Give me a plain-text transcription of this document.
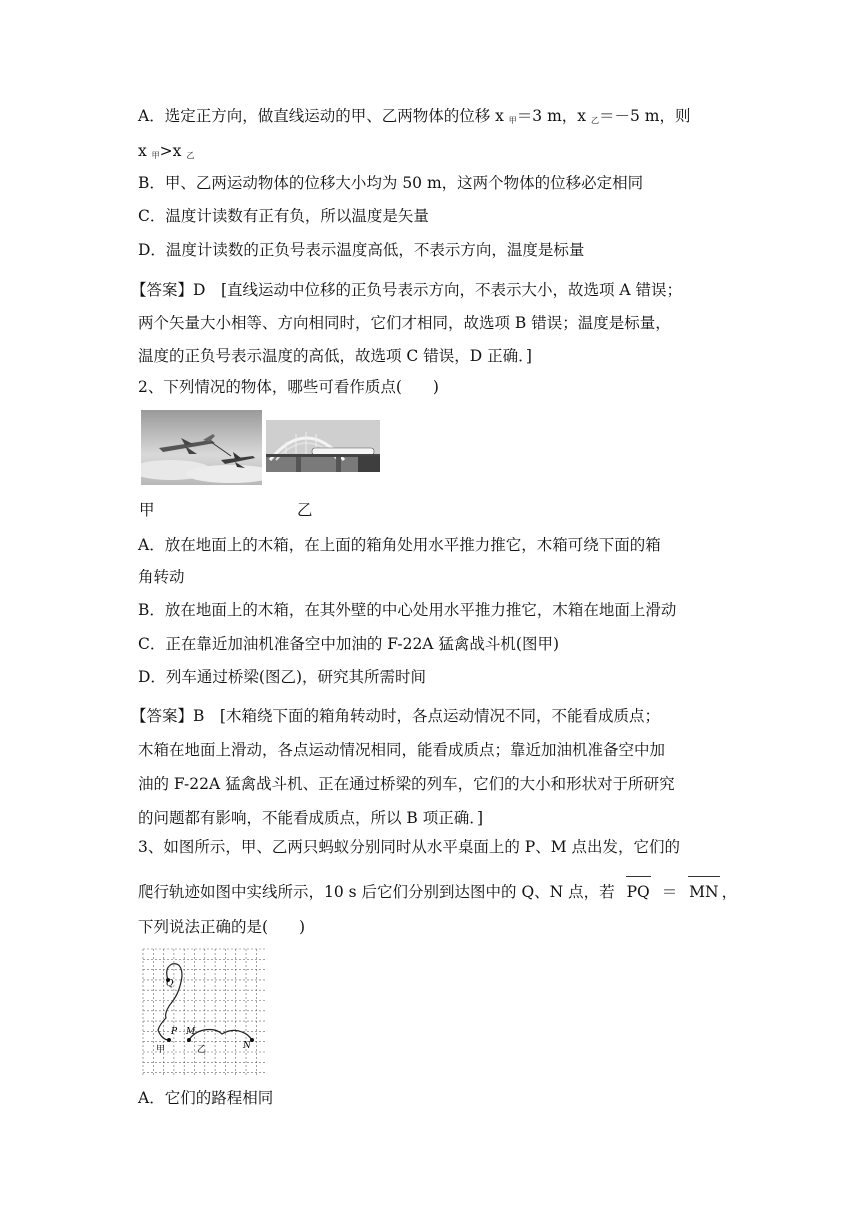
A．选定正方向，做直线运动的甲、乙两物体的位移 x $_甲$＝3 m，x $_乙$＝－5 m，则
x $_甲$>x $_乙$
B．甲、乙两运动物体的位移大小均为 50 m，这两个物体的位移必定相同
C．温度计读数有正有负，所以温度是矢量
D．温度计读数的正负号表示温度高低，不表示方向，温度是标量
【答案】D　[直线运动中位移的正负号表示方向，不表示大小，故选项 A 错误；
两个矢量大小相等、方向相同时，它们才相同，故选项 B 错误；温度是标量，
温度的正负号表示温度的高低，故选项 C 错误，D 正确．]
2、下列情况的物体，哪些可看作质点(　　)
甲	乙
A．放在地面上的木箱，在上面的箱角处用水平推力推它，木箱可绕下面的箱
角转动
B．放在地面上的木箱，在其外壁的中心处用水平推力推它，木箱在地面上滑动
C．正在靠近加油机准备空中加油的 F-22A 猛禽战斗机(图甲)
D．列车通过桥梁(图乙)，研究其所需时间
【答案】B　[木箱绕下面的箱角转动时，各点运动情况不同，不能看成质点；
木箱在地面上滑动，各点运动情况相同，能看成质点；靠近加油机准备空中加
油的 F-22A 猛禽战斗机、正在通过桥梁的列车，它们的大小和形状对于所研究
的问题都有影响，不能看成质点，所以 B 项正确．]
3、如图所示，甲、乙两只蚂蚁分别同时从水平桌面上的 P、M 点出发，它们的
爬行轨迹如图中实线所示，10 s 后它们分别到达图中的 Q、N 点，若 PQ ＝ MN ，
下列说法正确的是(　　)
Q
P M
N
甲	乙
A．它们的路程相同
